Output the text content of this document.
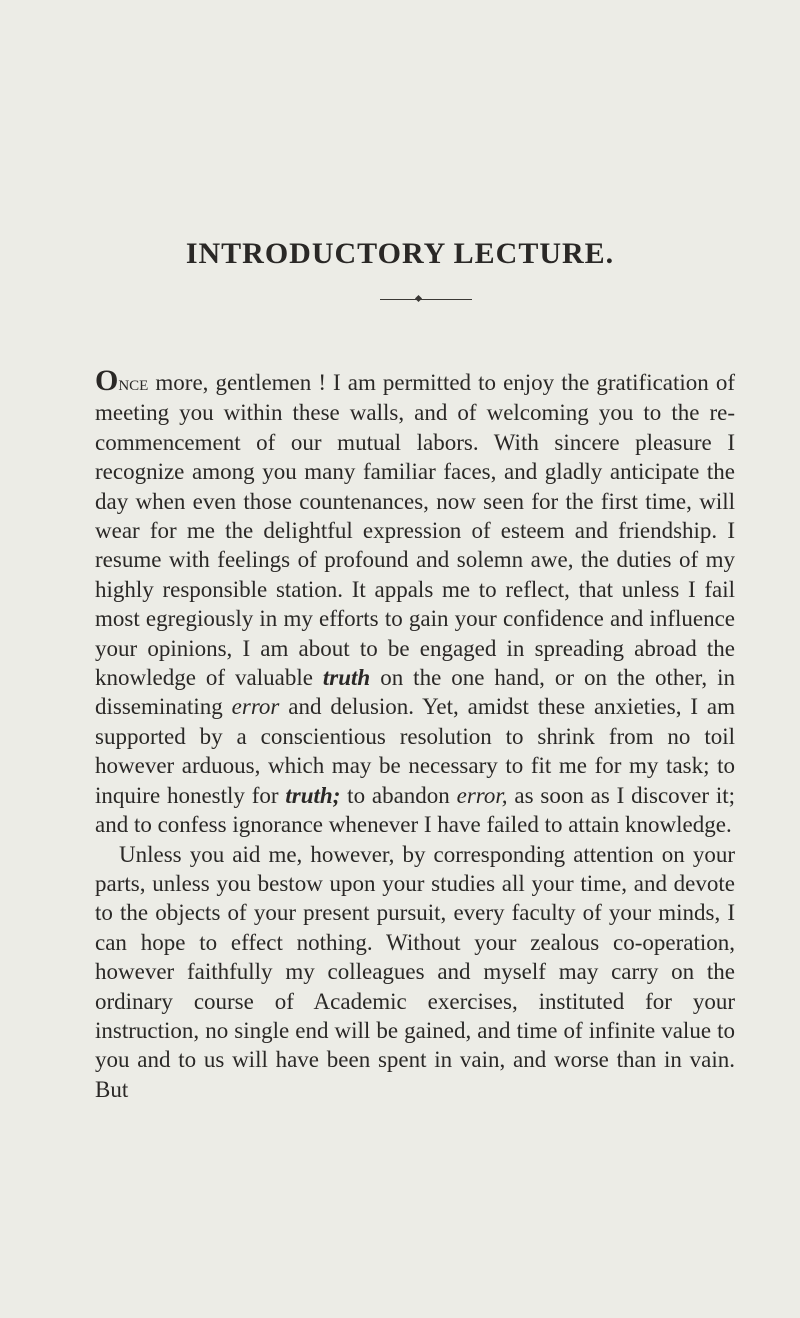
INTRODUCTORY LECTURE.

Once more, gentlemen ! I am permitted to enjoy the gratification of meeting you within these walls, and of welcoming you to the re-commencement of our mutual labors. With sincere pleasure I recognize among you many familiar faces, and gladly anticipate the day when even those countenances, now seen for the first time, will wear for me the delightful expression of esteem and friendship. I resume with feelings of profound and solemn awe, the duties of my highly responsible station. It appals me to reflect, that unless I fail most egregiously in my efforts to gain your confidence and influence your opinions, I am about to be engaged in spreading abroad the knowledge of valuable truth on the one hand, or on the other, in disseminating error and delusion. Yet, amidst these anxieties, I am supported by a conscientious resolution to shrink from no toil however arduous, which may be necessary to fit me for my task; to inquire honestly for truth; to abandon error, as soon as I discover it; and to confess ignorance whenever I have failed to attain knowledge.

Unless you aid me, however, by corresponding attention on your parts, unless you bestow upon your studies all your time, and devote to the objects of your present pursuit, every faculty of your minds, I can hope to effect nothing. Without your zealous co-operation, however faithfully my colleagues and myself may carry on the ordinary course of Academic exercises, instituted for your instruction, no single end will be gained, and time of infinite value to you and to us will have been spent in vain, and worse than in vain. But
